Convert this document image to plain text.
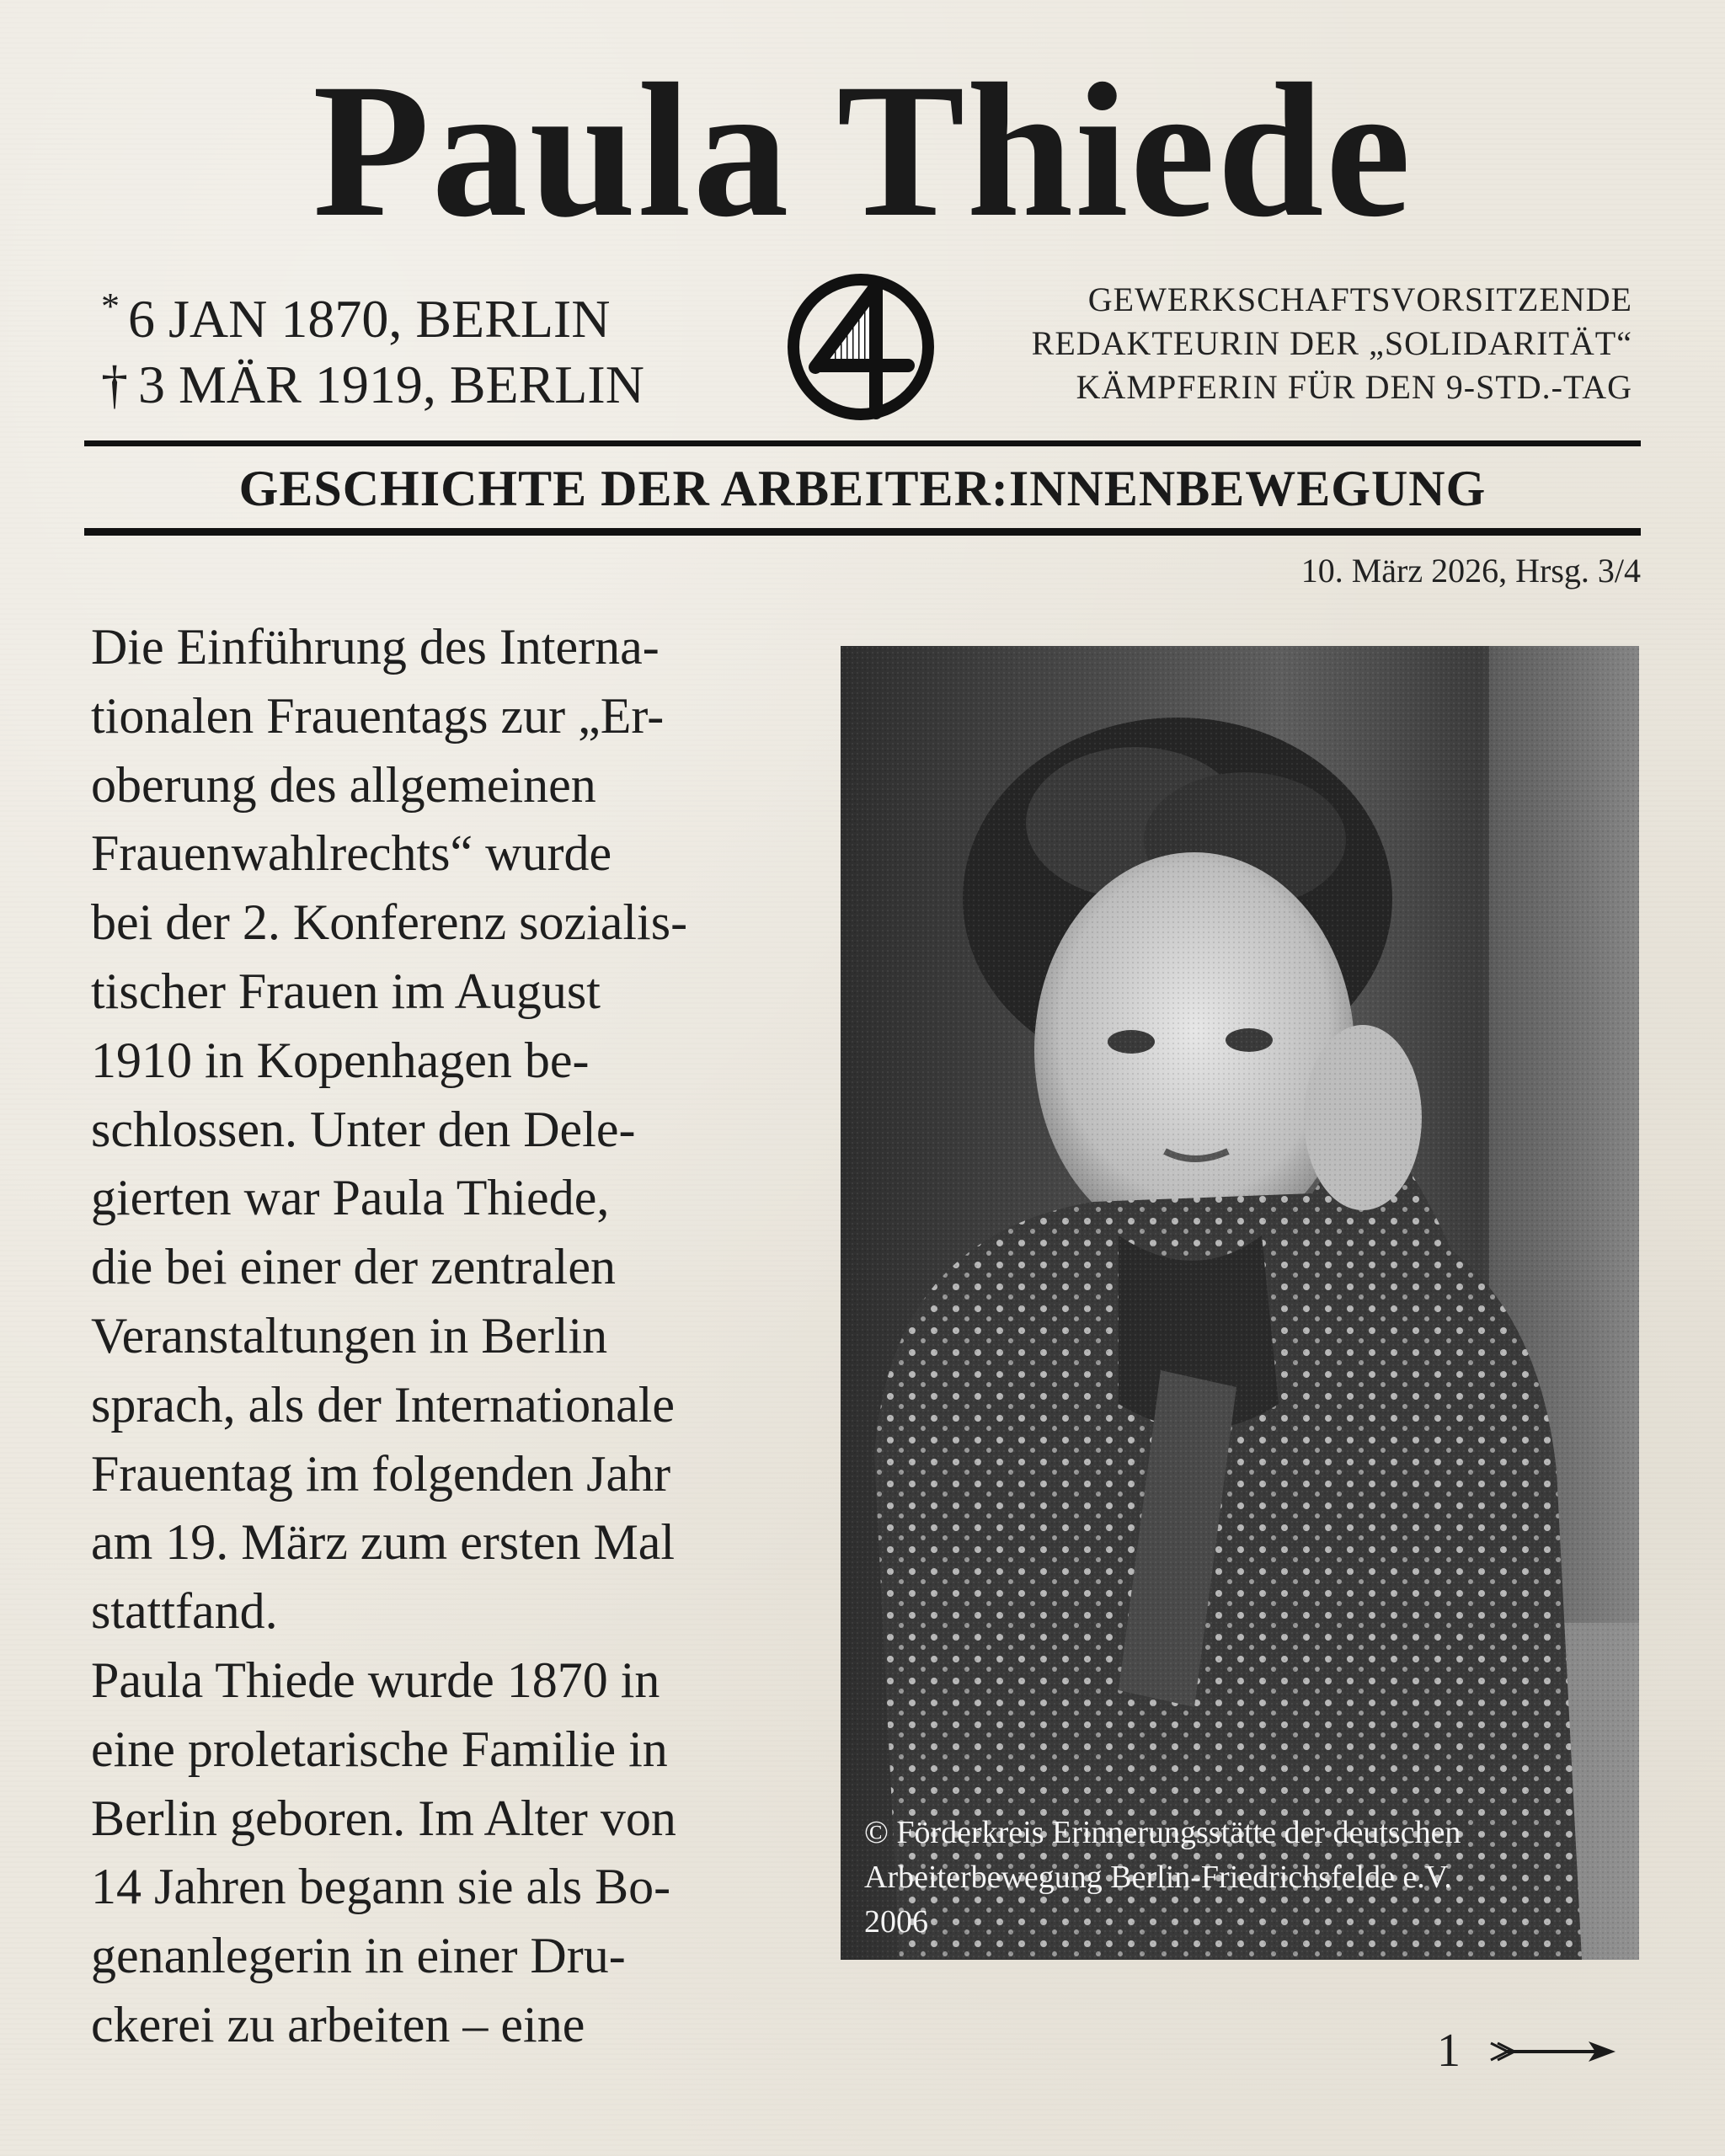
Paula Thiede
* 6 JAN 1870, BERLIN
† 3 MÄR 1919, BERLIN
GEWERKSCHAFTSVORSITZENDE
REDAKTEURIN DER „SOLIDARITÄT“
KÄMPFERIN FÜR DEN 9-STD.-TAG
GESCHICHTE DER ARBEITER:INNENBEWEGUNG
10. März 2026, Hrsg. 3/4
Die Einführung des Interna-
tionalen Frauentags zur „Er-
oberung des allgemeinen
Frauenwahlrechts“ wurde
bei der 2. Konferenz sozialis-
tischer Frauen im August
1910 in Kopenhagen be-
schlossen. Unter den Dele-
gierten war Paula Thiede,
die bei einer der zentralen
Veranstaltungen in Berlin
sprach, als der Internationale
Frauentag im folgenden Jahr
am 19. März zum ersten Mal
stattfand.
Paula Thiede wurde 1870 in
eine proletarische Familie in
Berlin geboren. Im Alter von
14 Jahren begann sie als Bo-
genanlegerin in einer Dru-
ckerei zu arbeiten – eine
© Förderkreis Erinnerungsstätte der deutschen
Arbeiterbewegung Berlin-Friedrichsfelde e.V.
2006
1
